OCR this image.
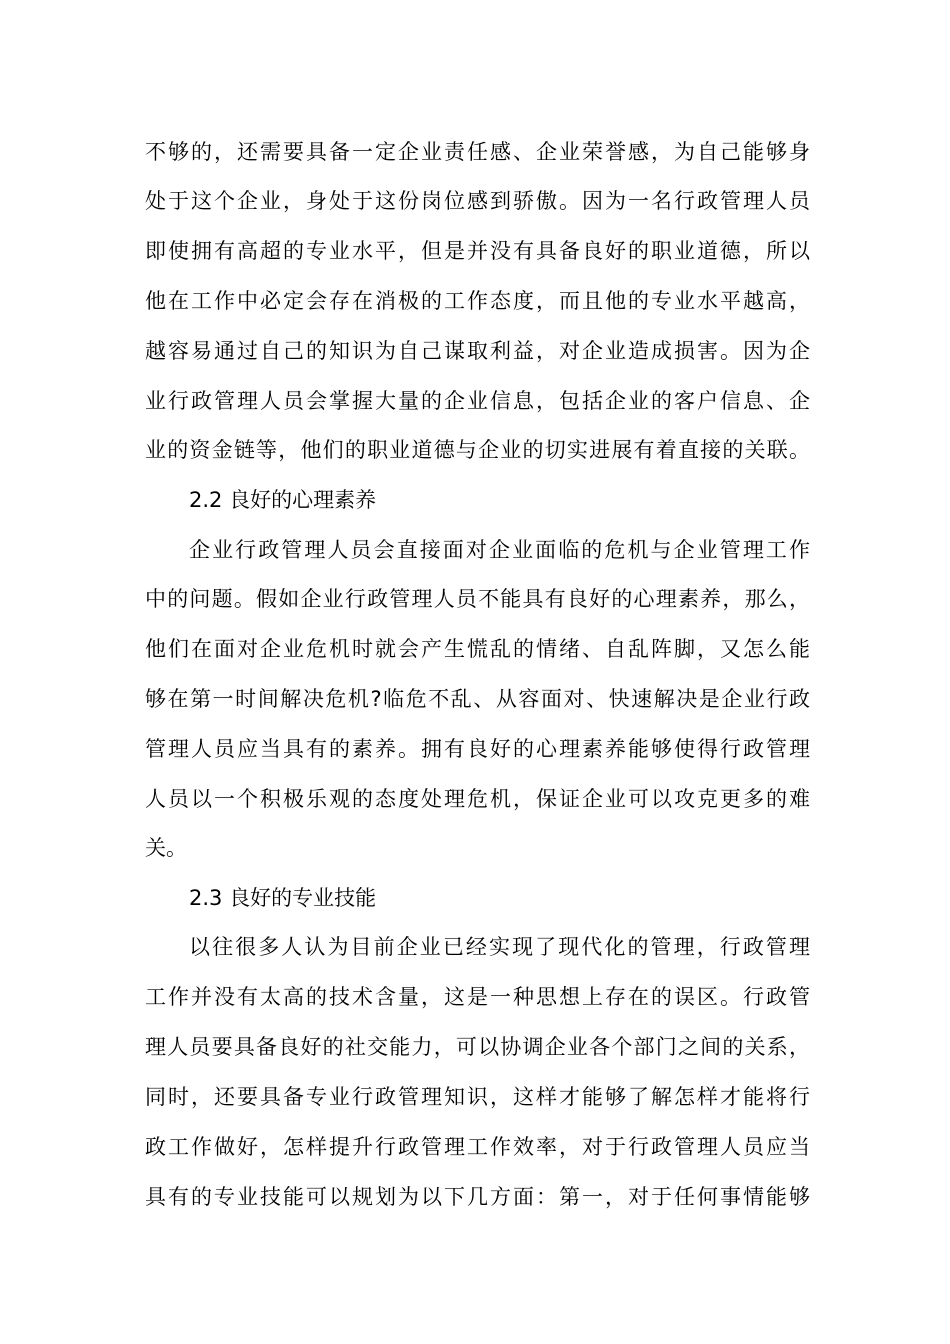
不够的，还需要具备一定企业责任感、企业荣誉感，为自己能够身
处于这个企业，身处于这份岗位感到骄傲。因为一名行政管理人员
即使拥有高超的专业水平，但是并没有具备良好的职业道德，所以
他在工作中必定会存在消极的工作态度，而且他的专业水平越高，
越容易通过自己的知识为自己谋取利益，对企业造成损害。因为企
业行政管理人员会掌握大量的企业信息，包括企业的客户信息、企
业的资金链等，他们的职业道德与企业的切实进展有着直接的关联。
2.2 良好的心理素养
企业行政管理人员会直接面对企业面临的危机与企业管理工作
中的问题。假如企业行政管理人员不能具有良好的心理素养，那么，
他们在面对企业危机时就会产生慌乱的情绪、自乱阵脚，又怎么能
够在第一时间解决危机?临危不乱、从容面对、快速解决是企业行政
管理人员应当具有的素养。拥有良好的心理素养能够使得行政管理
人员以一个积极乐观的态度处理危机，保证企业可以攻克更多的难
关。
2.3 良好的专业技能
以往很多人认为目前企业已经实现了现代化的管理，行政管理
工作并没有太高的技术含量，这是一种思想上存在的误区。行政管
理人员要具备良好的社交能力，可以协调企业各个部门之间的关系，
同时，还要具备专业行政管理知识，这样才能够了解怎样才能将行
政工作做好，怎样提升行政管理工作效率，对于行政管理人员应当
具有的专业技能可以规划为以下几方面：第一，对于任何事情能够
